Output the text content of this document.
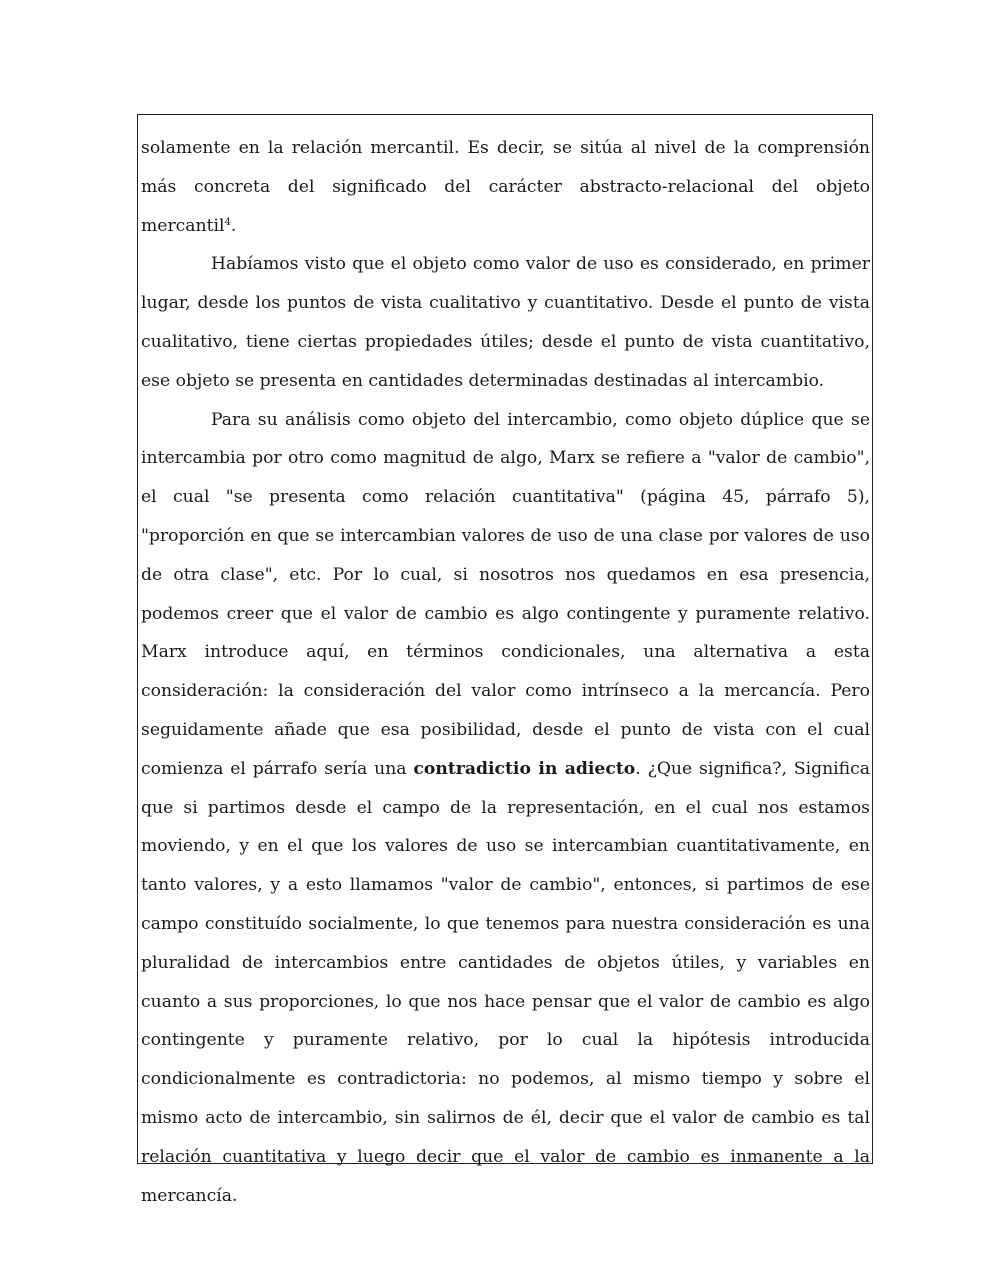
solamente en la relación mercantil. Es decir, se sitúa al nivel de la comprensión más concreta del significado del carácter abstracto-relacional del objeto mercantil$^4$.

Habíamos visto que el objeto como valor de uso es considerado, en primer lugar, desde los puntos de vista cualitativo y cuantitativo. Desde el punto de vista cualitativo, tiene ciertas propiedades útiles; desde el punto de vista cuantitativo, ese objeto se presenta en cantidades determinadas destinadas al intercambio.

Para su análisis como objeto del intercambio, como objeto dúplice que se intercambia por otro como magnitud de algo, Marx se refiere a "valor de cambio", el cual "se presenta como relación cuantitativa" (página 45, párrafo 5), "proporción en que se intercambian valores de uso de una clase por valores de uso de otra clase", etc. Por lo cual, si nosotros nos quedamos en esa presencia, podemos creer que el valor de cambio es algo contingente y puramente relativo. Marx introduce aquí, en términos condicionales, una alternativa a esta consideración: la consideración del valor como intrínseco a la mercancía. Pero seguidamente añade que esa posibilidad, desde el punto de vista con el cual comienza el párrafo sería una contradictio in adiecto. ¿Que significa?, Significa que si partimos desde el campo de la representación, en el cual nos estamos moviendo, y en el que los valores de uso se intercambian cuantitativamente, en tanto valores, y a esto llamamos "valor de cambio", entonces, si partimos de ese campo constituído socialmente, lo que tenemos para nuestra consideración es una pluralidad de intercambios entre cantidades de objetos útiles, y variables en cuanto a sus proporciones, lo que nos hace pensar que el valor de cambio es algo contingente y puramente relativo, por lo cual la hipótesis introducida condicionalmente es contradictoria: no podemos, al mismo tiempo y sobre el mismo acto de intercambio, sin salirnos de él, decir que el valor de cambio es tal relación cuantitativa y luego decir que el valor de cambio es inmanente a la mercancía.
